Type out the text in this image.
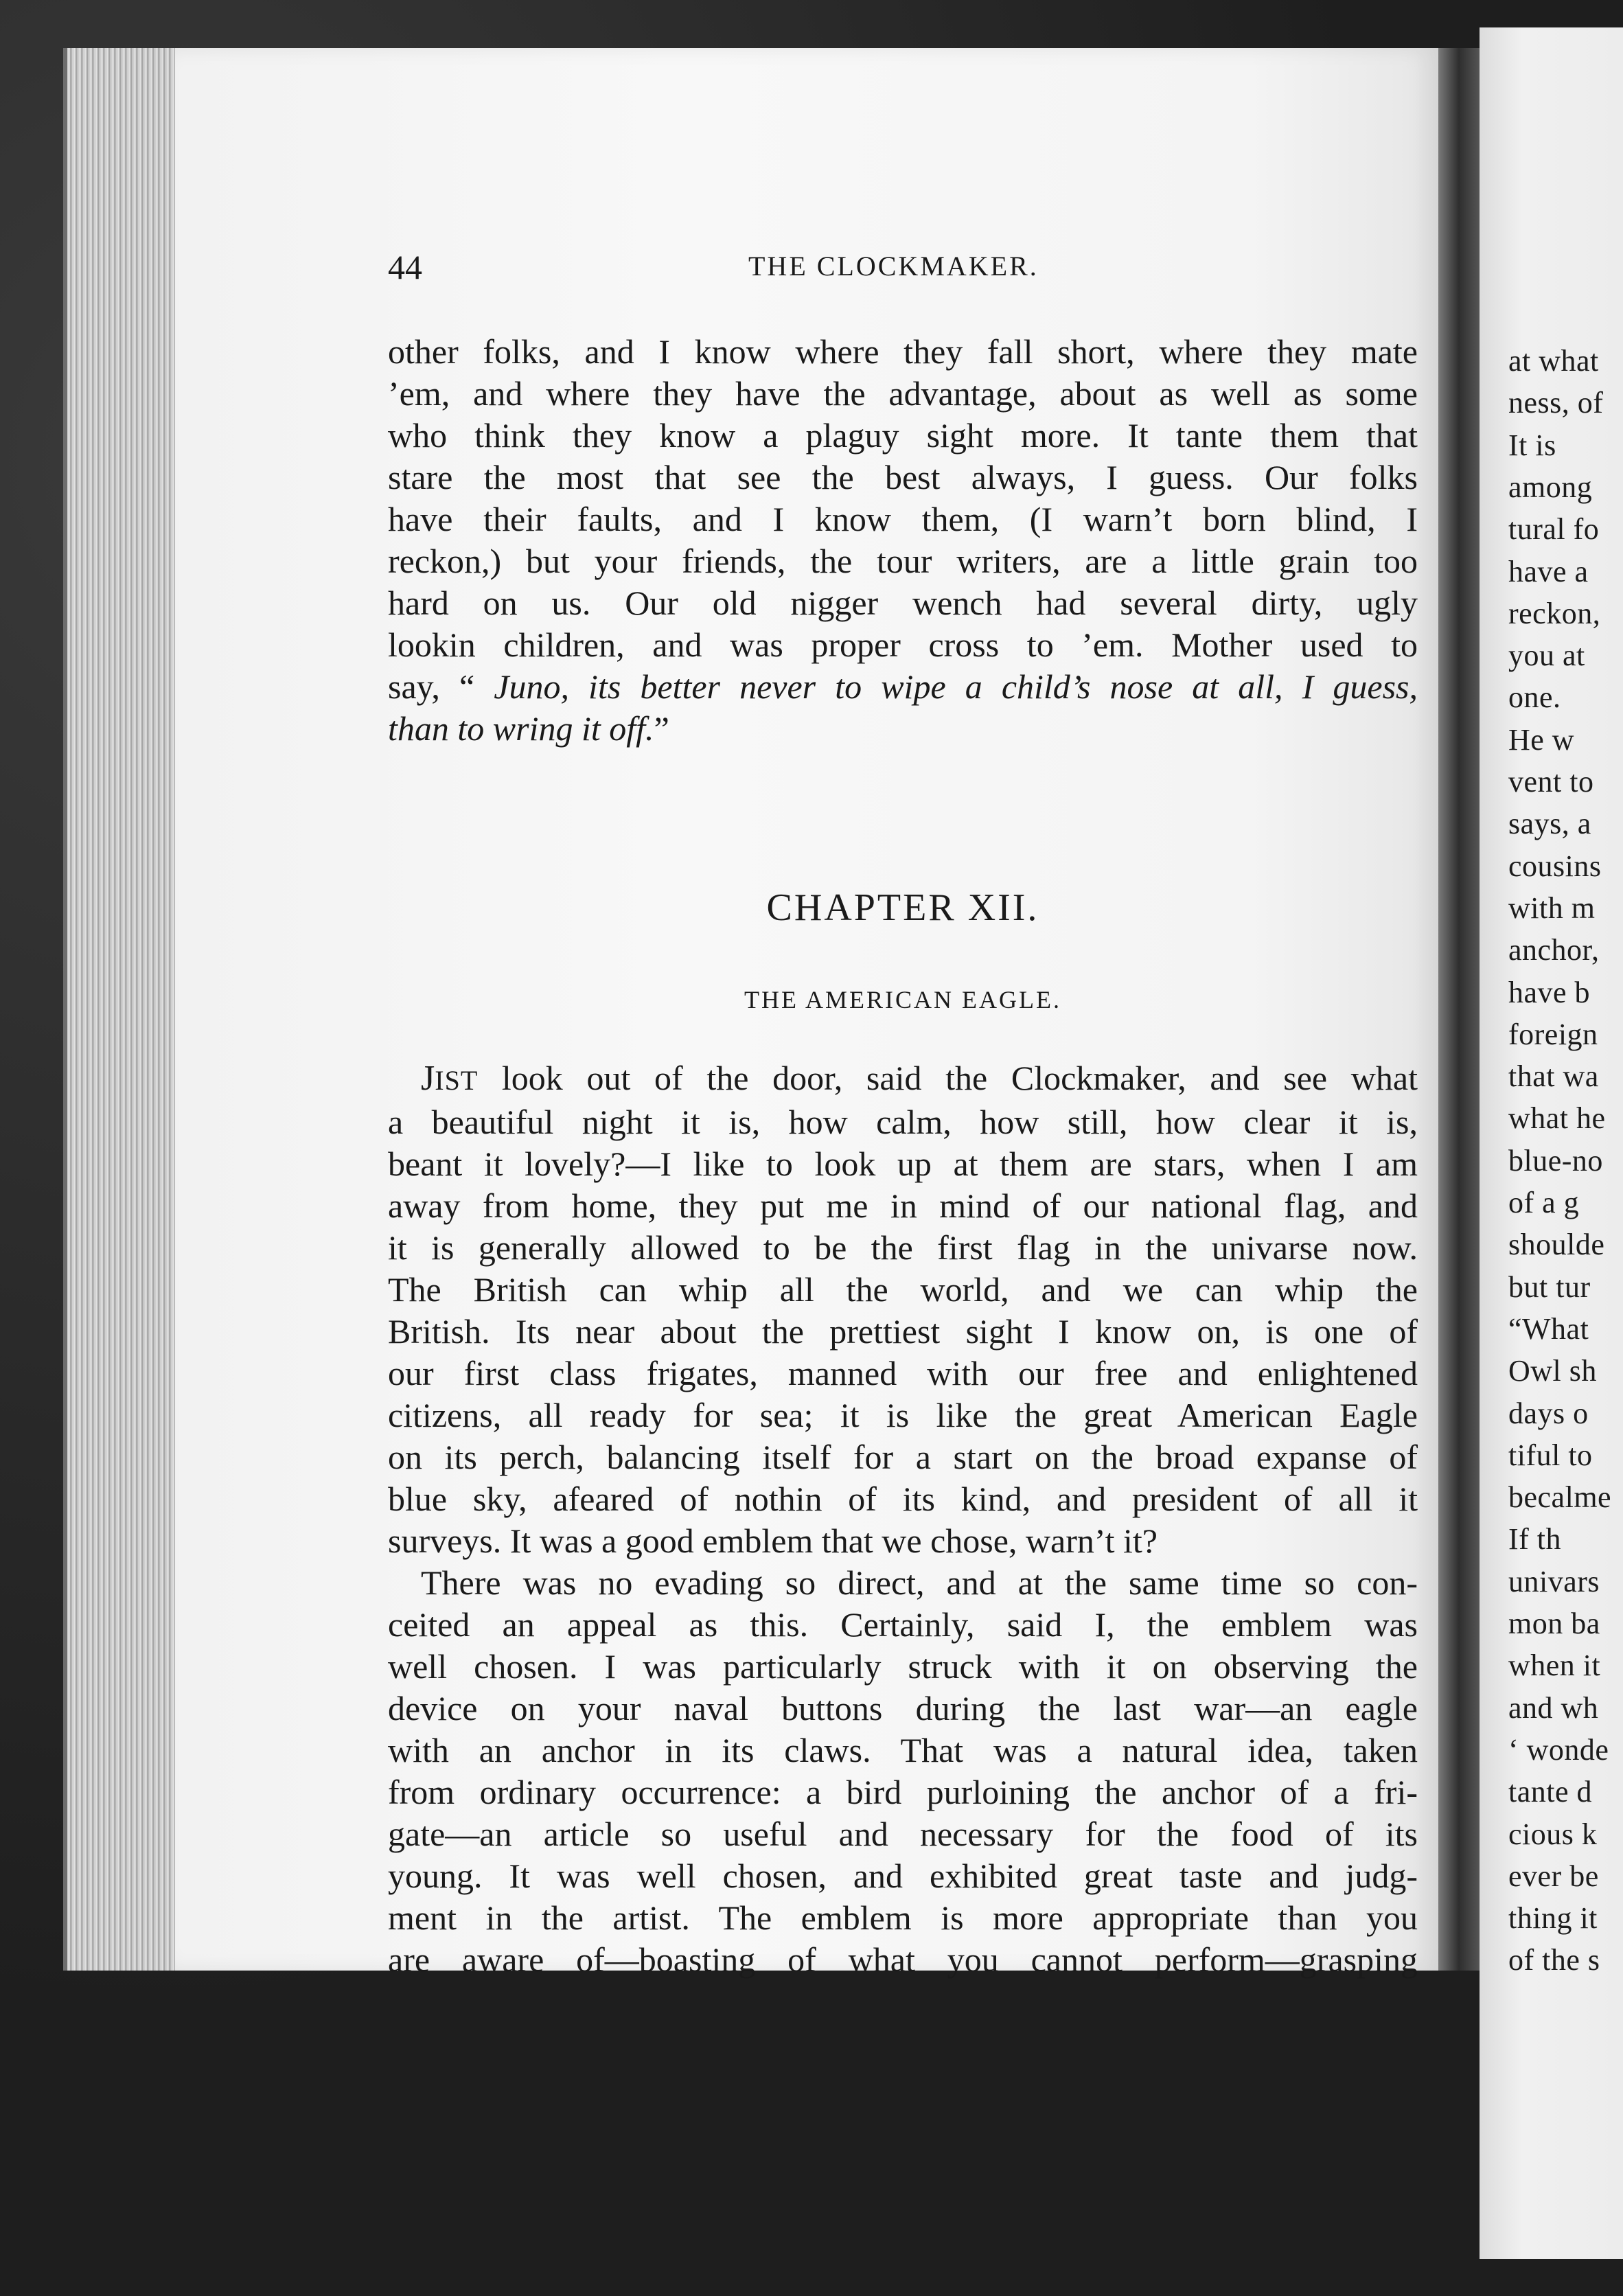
at what
ness, of
It is
among
tural fo
have a
reckon,
you at
one.
He w
vent to
says, a
cousins
with m
anchor,
have b
foreign
that wa
what he
blue-no
of a g
shoulde
but tur
“What
Owl sh
days o
tiful to
becalme
If th
univars
mon ba
when it
and wh
‘ wonde
tante d
cious k
ever be
thing it
of the s
44	THE CLOCKMAKER.
other folks, and I know where they fall short, where they mate
’em, and where they have the advantage, about as well as some
who think they know a plaguy sight more. It tante them that
stare the most that see the best always, I guess. Our folks
have their faults, and I know them, (I warn’t born blind, I
reckon,) but your friends, the tour writers, are a little grain too
hard on us. Our old nigger wench had several dirty, ugly
lookin children, and was proper cross to ’em. Mother used to
say, “ Juno, its better never to wipe a child’s nose at all, I guess,
than to wring it off.”
CHAPTER XII.
THE AMERICAN EAGLE.
JIST look out of the door, said the Clockmaker, and see what
a beautiful night it is, how calm, how still, how clear it is,
beant it lovely?—I like to look up at them are stars, when I am
away from home, they put me in mind of our national flag, and
it is generally allowed to be the first flag in the univarse now.
The British can whip all the world, and we can whip the
British. Its near about the prettiest sight I know on, is one of
our first class frigates, manned with our free and enlightened
citizens, all ready for sea; it is like the great American Eagle
on its perch, balancing itself for a start on the broad expanse of
blue sky, afeared of nothin of its kind, and president of all it
surveys. It was a good emblem that we chose, warn’t it?
There was no evading so direct, and at the same time so con-
ceited an appeal as this. Certainly, said I, the emblem was
well chosen. I was particularly struck with it on observing the
device on your naval buttons during the last war—an eagle
with an anchor in its claws. That was a natural idea, taken
from ordinary occurrence: a bird purloining the anchor of a fri-
gate—an article so useful and necessary for the food of its
young. It was well chosen, and exhibited great taste and judg-
ment in the artist. The emblem is more appropriate than you
are aware of—boasting of what you cannot perform—grasping
